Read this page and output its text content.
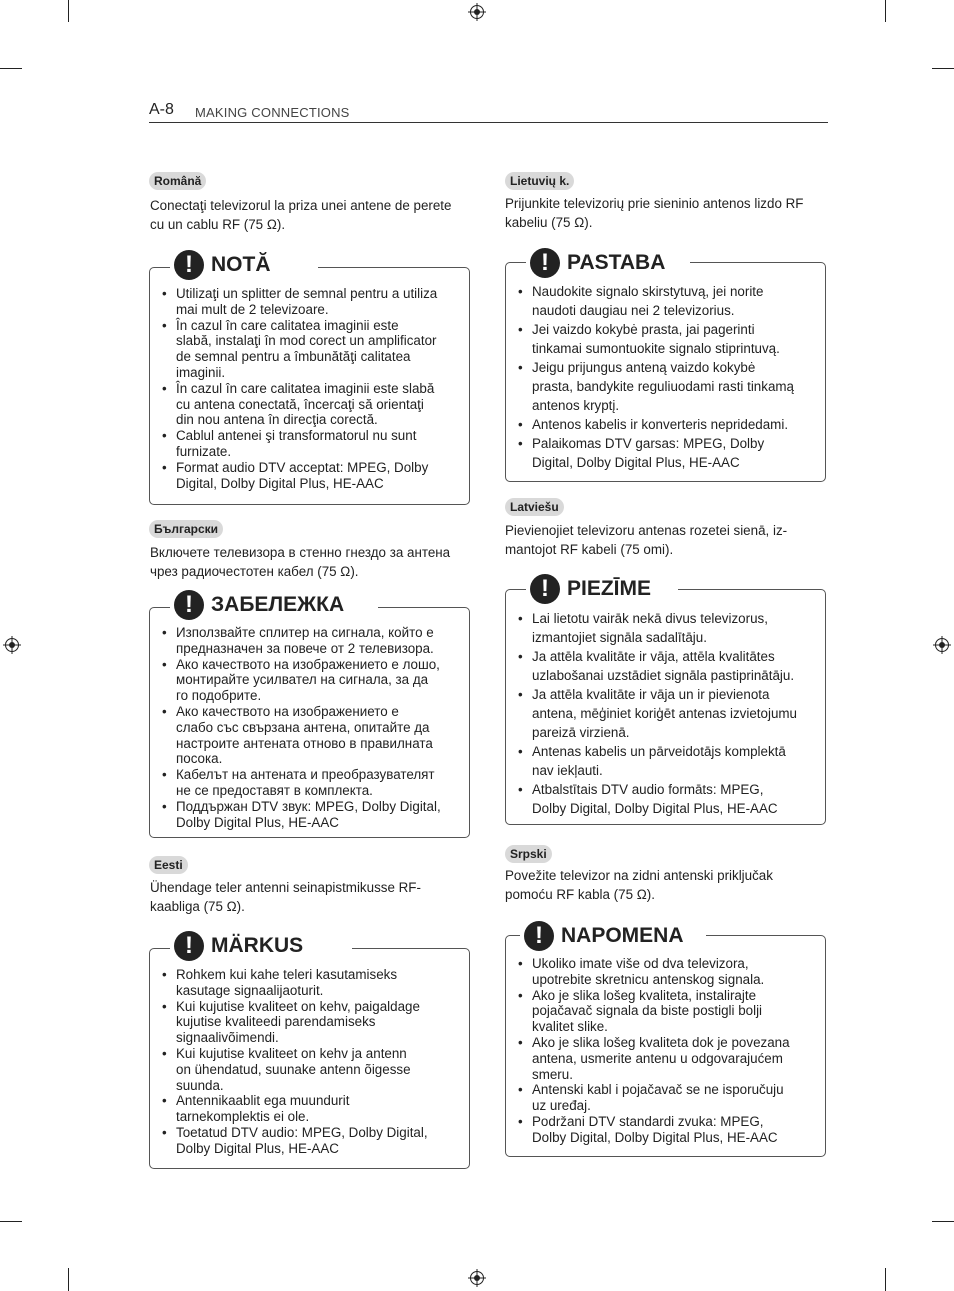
A-8 MAKING CONNECTIONS
Română
Conectaţi televizorul la priza unei antene de perete
cu un cablu RF (75 Ω).
! NOTĂ
• Utilizaţi un splitter de semnal pentru a utiliza
mai mult de 2 televizoare.
• În cazul în care calitatea imaginii este
slabă, instalaţi în mod corect un amplificator
de semnal pentru a îmbunătăţi calitatea
imaginii.
• În cazul în care calitatea imaginii este slabă
cu antena conectată, încercaţi să orientaţi
din nou antena în direcţia corectă.
• Cablul antenei şi transformatorul nu sunt
furnizate.
• Format audio DTV acceptat: MPEG, Dolby
Digital, Dolby Digital Plus, HE-AAC
Български
Включете телевизора в стенно гнездо за антена
чрез радиочестотен кабел (75 Ω).
! ЗАБЕЛЕЖКА
• Използвайте сплитер на сигнала, който е
предназначен за повече от 2 телевизора.
• Ако качеството на изображението е лошо,
монтирайте усилвател на сигнала, за да
го подобрите.
• Ако качеството на изображението е
слабо със свързана антена, опитайте да
настроите антената отново в правилната
посока.
• Кабелът на антената и преобразувателят
не се предоставят в комплекта.
• Поддържан DTV звук: MPEG, Dolby Digital,
Dolby Digital Plus, HE-AAC
Eesti
Ühendage teler antenni seinapistmikusse RF-
kaabliga (75 Ω).
! MÄRKUS
• Rohkem kui kahe teleri kasutamiseks
kasutage signaalijaoturit.
• Kui kujutise kvaliteet on kehv, paigaldage
kujutise kvaliteedi parendamiseks
signaalivõimendi.
• Kui kujutise kvaliteet on kehv ja antenn
on ühendatud, suunake antenn õigesse
suunda.
• Antennikaablit ega muundurit
tarnekomplektis ei ole.
• Toetatud DTV audio: MPEG, Dolby Digital,
Dolby Digital Plus, HE-AAC
Lietuvių k.
Prijunkite televizorių prie sieninio antenos lizdo RF
kabeliu (75 Ω).
! PASTABA
• Naudokite signalo skirstytuvą, jei norite
naudoti daugiau nei 2 televizorius.
• Jei vaizdo kokybė prasta, jai pagerinti
tinkamai sumontuokite signalo stiprintuvą.
• Jeigu prijungus anteną vaizdo kokybė
prasta, bandykite reguliuodami rasti tinkamą
antenos kryptį.
• Antenos kabelis ir konverteris nepridedami.
• Palaikomas DTV garsas: MPEG, Dolby
Digital, Dolby Digital Plus, HE-AAC
Latviešu
Pievienojiet televizoru antenas rozetei sienā, iz-
mantojot RF kabeli (75 omi).
! PIEZĪME
• Lai lietotu vairāk nekā divus televizorus,
izmantojiet signāla sadalītāju.
• Ja attēla kvalitāte ir vāja, attēla kvalitātes
uzlabošanai uzstādiet signāla pastiprinātāju.
• Ja attēla kvalitāte ir vāja un ir pievienota
antena, mēģiniet koriģēt antenas izvietojumu
pareizā virzienā.
• Antenas kabelis un pārveidotājs komplektā
nav iekļauti.
• Atbalstītais DTV audio formāts: MPEG,
Dolby Digital, Dolby Digital Plus, HE-AAC
Srpski
Povežite televizor na zidni antenski priključak
pomoću RF kabla (75 Ω).
! NAPOMENA
• Ukoliko imate više od dva televizora,
upotrebite skretnicu antenskog signala.
• Ako je slika lošeg kvaliteta, instalirajte
pojačavač signala da biste postigli bolji
kvalitet slike.
• Ako je slika lošeg kvaliteta dok je povezana
antena, usmerite antenu u odgovarajućem
smeru.
• Antenski kabl i pojačavač se ne isporučuju
uz uređaj.
• Podržani DTV standardi zvuka: MPEG,
Dolby Digital, Dolby Digital Plus, HE-AAC
